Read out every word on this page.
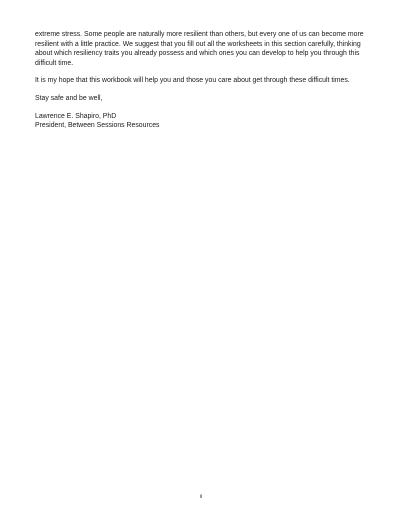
extreme stress. Some people are naturally more resilient than others, but every one of us can become more resilient with a little practice. We suggest that you fill out all the worksheets in this section carefully, thinking about which resiliency traits you already possess and which ones you can develop to help you through this difficult time.

It is my hope that this workbook will help you and those you care about get through these difficult times.

Stay safe and be well,

Lawrence E. Shapiro, PhD

President, Between Sessions Resources

ii
